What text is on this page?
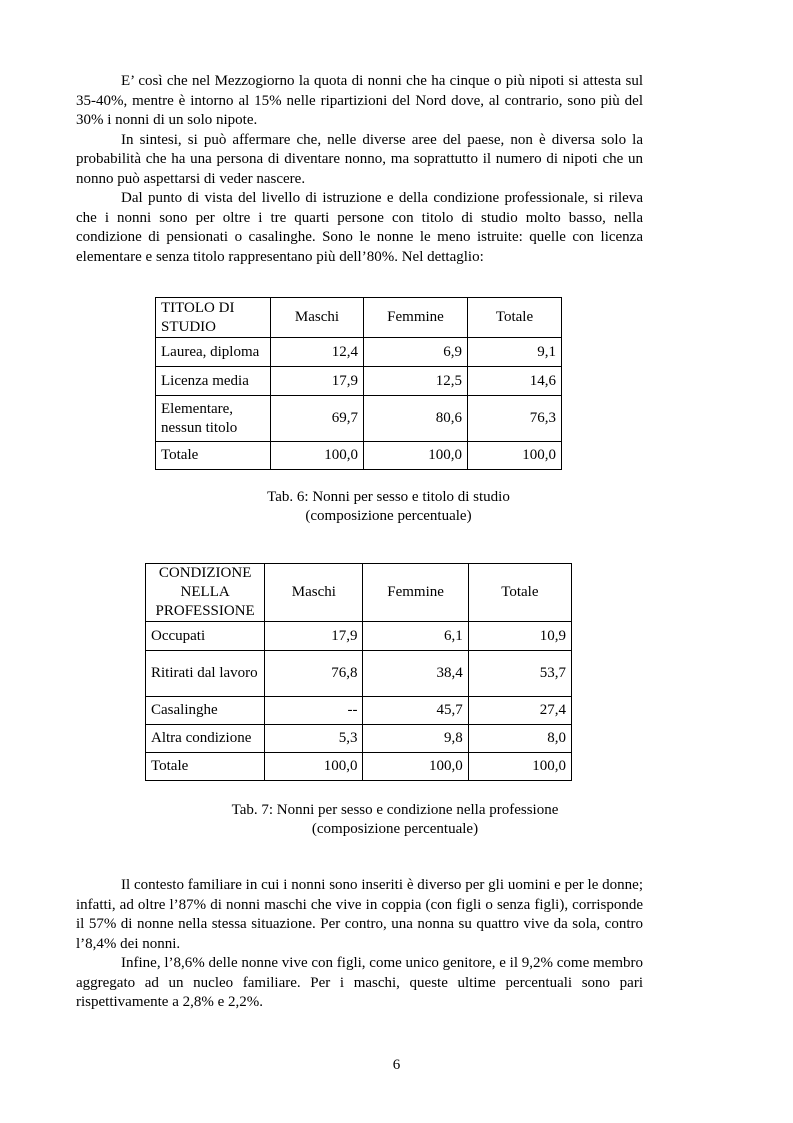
E’ così che nel Mezzogiorno la quota di nonni che ha cinque o più nipoti si attesta sul 35-40%, mentre è intorno al 15% nelle ripartizioni del Nord dove, al contrario, sono più del 30% i nonni di un solo nipote.

In sintesi, si può affermare che, nelle diverse aree del paese, non è diversa solo la probabilità che ha una persona di diventare nonno, ma soprattutto il numero di nipoti che un nonno può aspettarsi di veder nascere.

Dal punto di vista del livello di istruzione e della condizione professionale, si rileva che i nonni sono per oltre i tre quarti persone con titolo di studio molto basso, nella condizione di pensionati o casalinghe. Sono le nonne le meno istruite: quelle con licenza elementare e senza titolo rappresentano più dell’80%. Nel dettaglio:

TITOLO DI STUDIO	Maschi	Femmine	Totale
Laurea, diploma	12,4	6,9	9,1
Licenza media	17,9	12,5	14,6
Elementare, nessun titolo	69,7	80,6	76,3
Totale	100,0	100,0	100,0
Tab. 6: Nonni per sesso e titolo di studio
(composizione percentuale)
CONDIZIONE NELLA PROFESSIONE	Maschi	Femmine	Totale
Occupati	17,9	6,1	10,9
Ritirati dal lavoro	76,8	38,4	53,7
Casalinghe	--	45,7	27,4
Altra condizione	5,3	9,8	8,0
Totale	100,0	100,0	100,0
Tab. 7: Nonni per sesso e condizione nella professione
(composizione percentuale)

Il contesto familiare in cui i nonni sono inseriti è diverso per gli uomini e per le donne; infatti, ad oltre l’87% di nonni maschi che vive in coppia (con figli o senza figli), corrisponde il 57% di nonne nella stessa situazione. Per contro, una nonna su quattro vive da sola, contro l’8,4% dei nonni.

Infine, l’8,6% delle nonne vive con figli, come unico genitore, e il 9,2% come membro aggregato ad un nucleo familiare. Per i maschi, queste ultime percentuali sono pari rispettivamente a 2,8% e 2,2%.

6
